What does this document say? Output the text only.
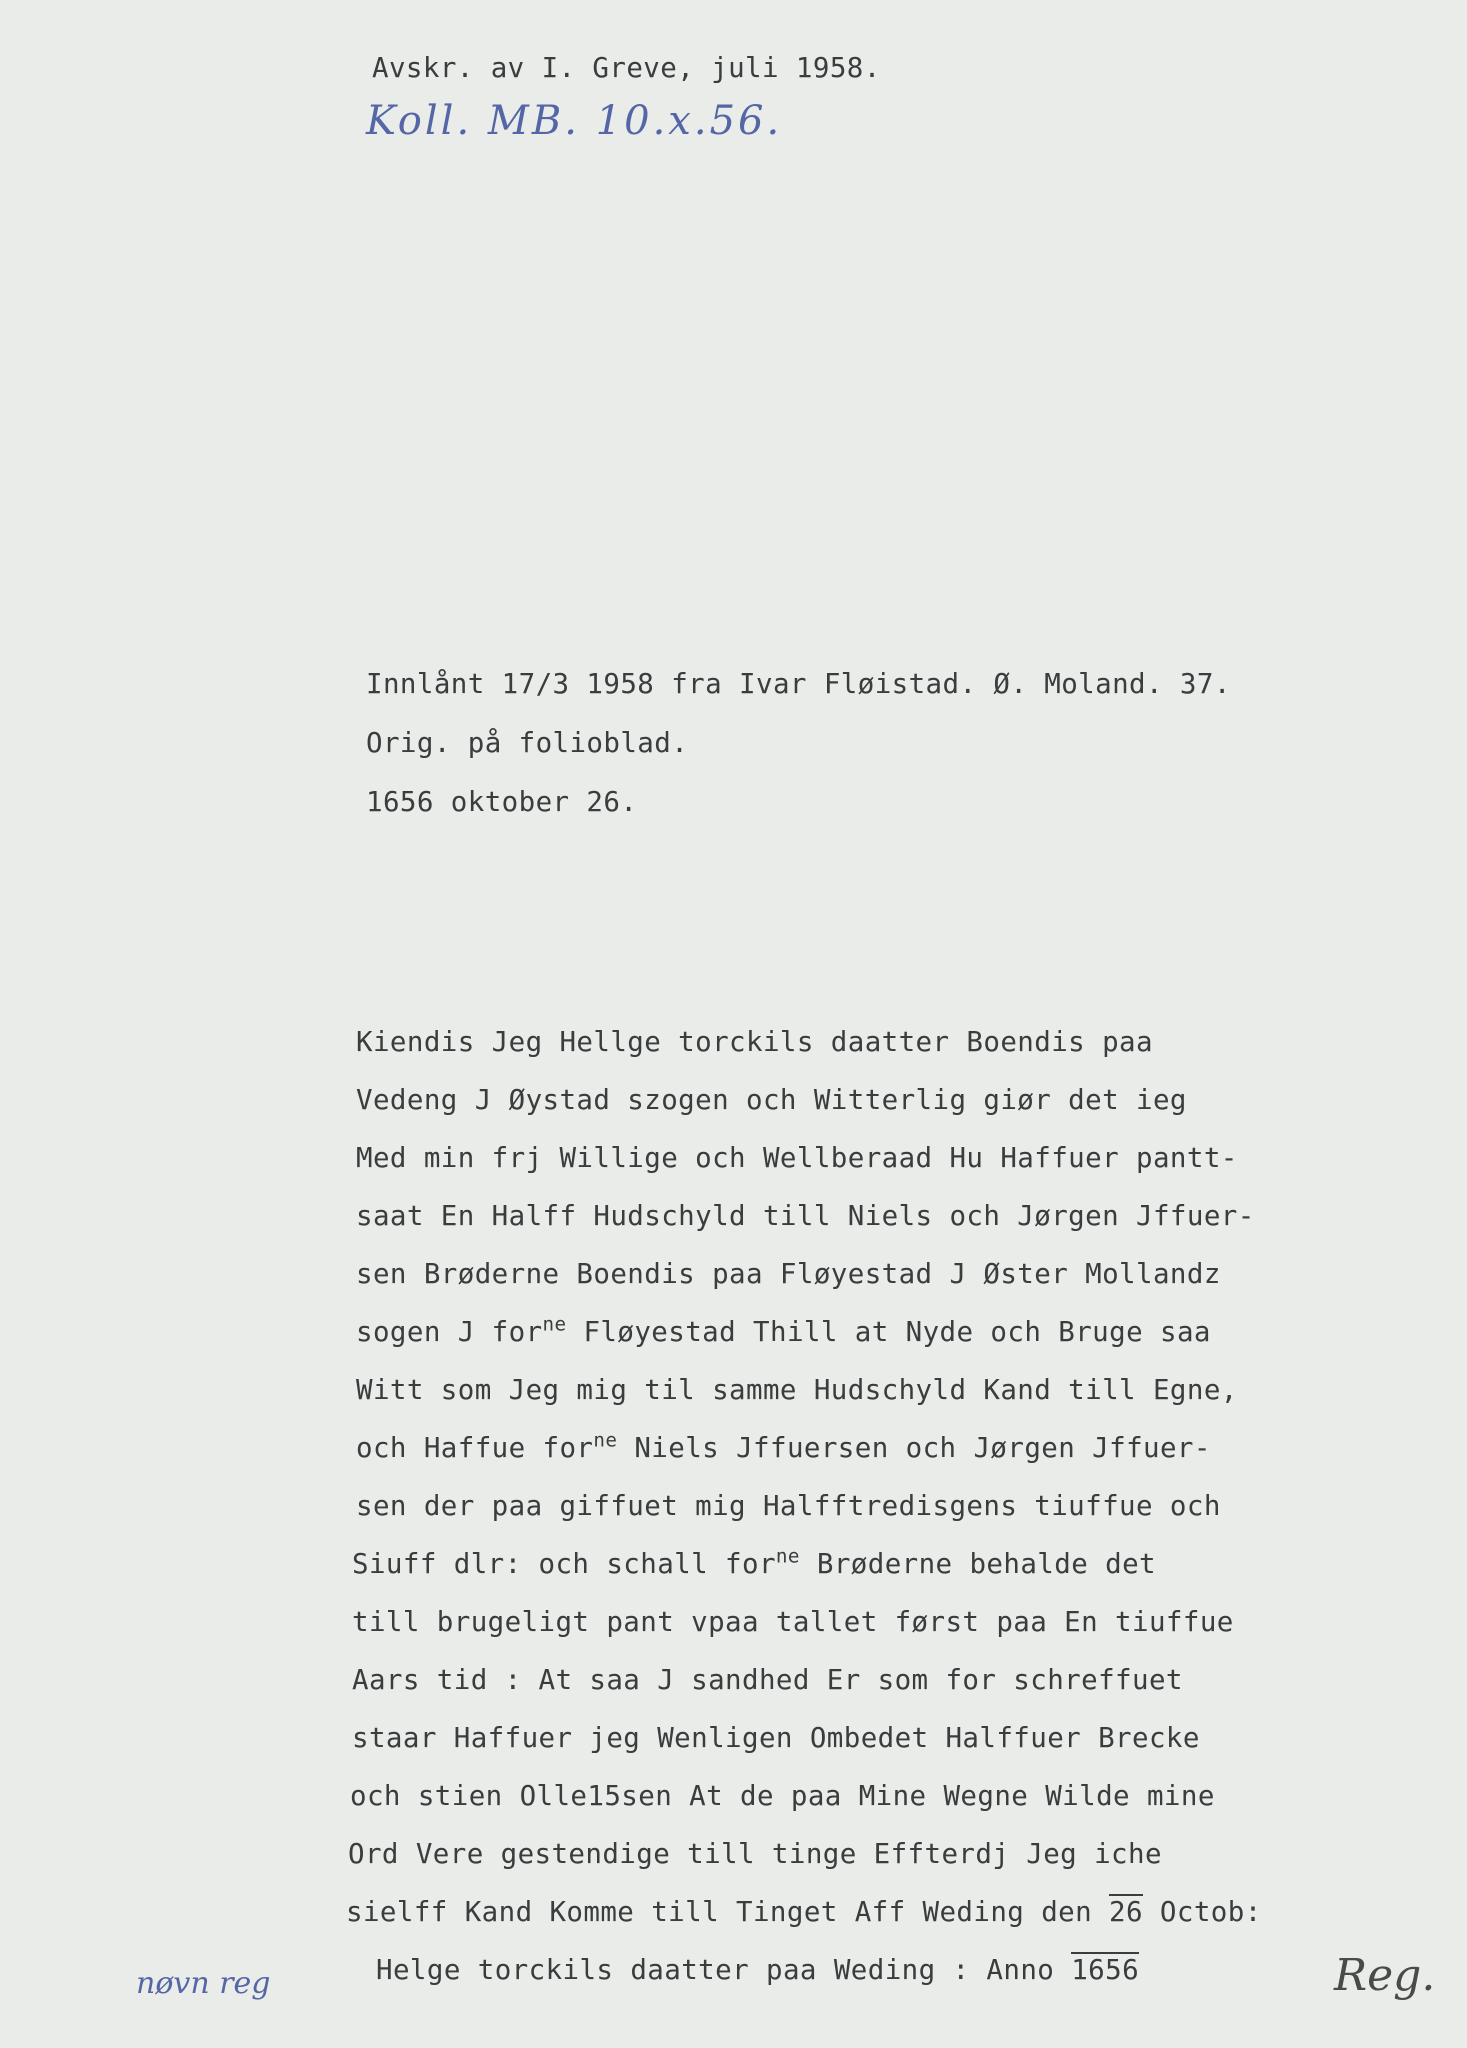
Avskr. av I. Greve, juli 1958.
Koll. MB. 10.x.56.
Innlånt 17/3 1958 fra Ivar Fløistad. Ø. Moland. 37.
Orig. på folioblad.
1656 oktober 26.
Kiendis Jeg Hellge torckils daatter Boendis paa
Vedeng J Øystad szogen och Witterlig giør det ieg
Med min frj Willige och Wellberaad Hu Haffuer pantt-
saat En Halff Hudschyld till Niels och Jørgen Jffuer-
sen Brøderne Boendis paa Fløyestad J Øster Mollandz
sogen J for$^{ne}$ Fløyestad Thill at Nyde och Bruge saa
Witt som Jeg mig til samme Hudschyld Kand till Egne,
och Haffue for$^{ne}$ Niels Jffuersen och Jørgen Jffuer-
sen der paa giffuet mig Halfftredisgens tiuffue och
Siuff dlr: och schall for$^{ne}$ Brøderne behalde det
till brugeligt pant vpaa tallet først paa En tiuffue
Aars tid : At saa J sandhed Er som for schreffuet
staar Haffuer jeg Wenligen Ombedet Halffuer Brecke
och stien Olle15sen At de paa Mine Wegne Wilde mine
Ord Vere gestendige till tinge Effterdj Jeg iche
sielff Kand Komme till Tinget Aff Weding den 26 Octob:
Helge torckils daatter paa Weding : Anno 1656
nøvn reg	Reg.
